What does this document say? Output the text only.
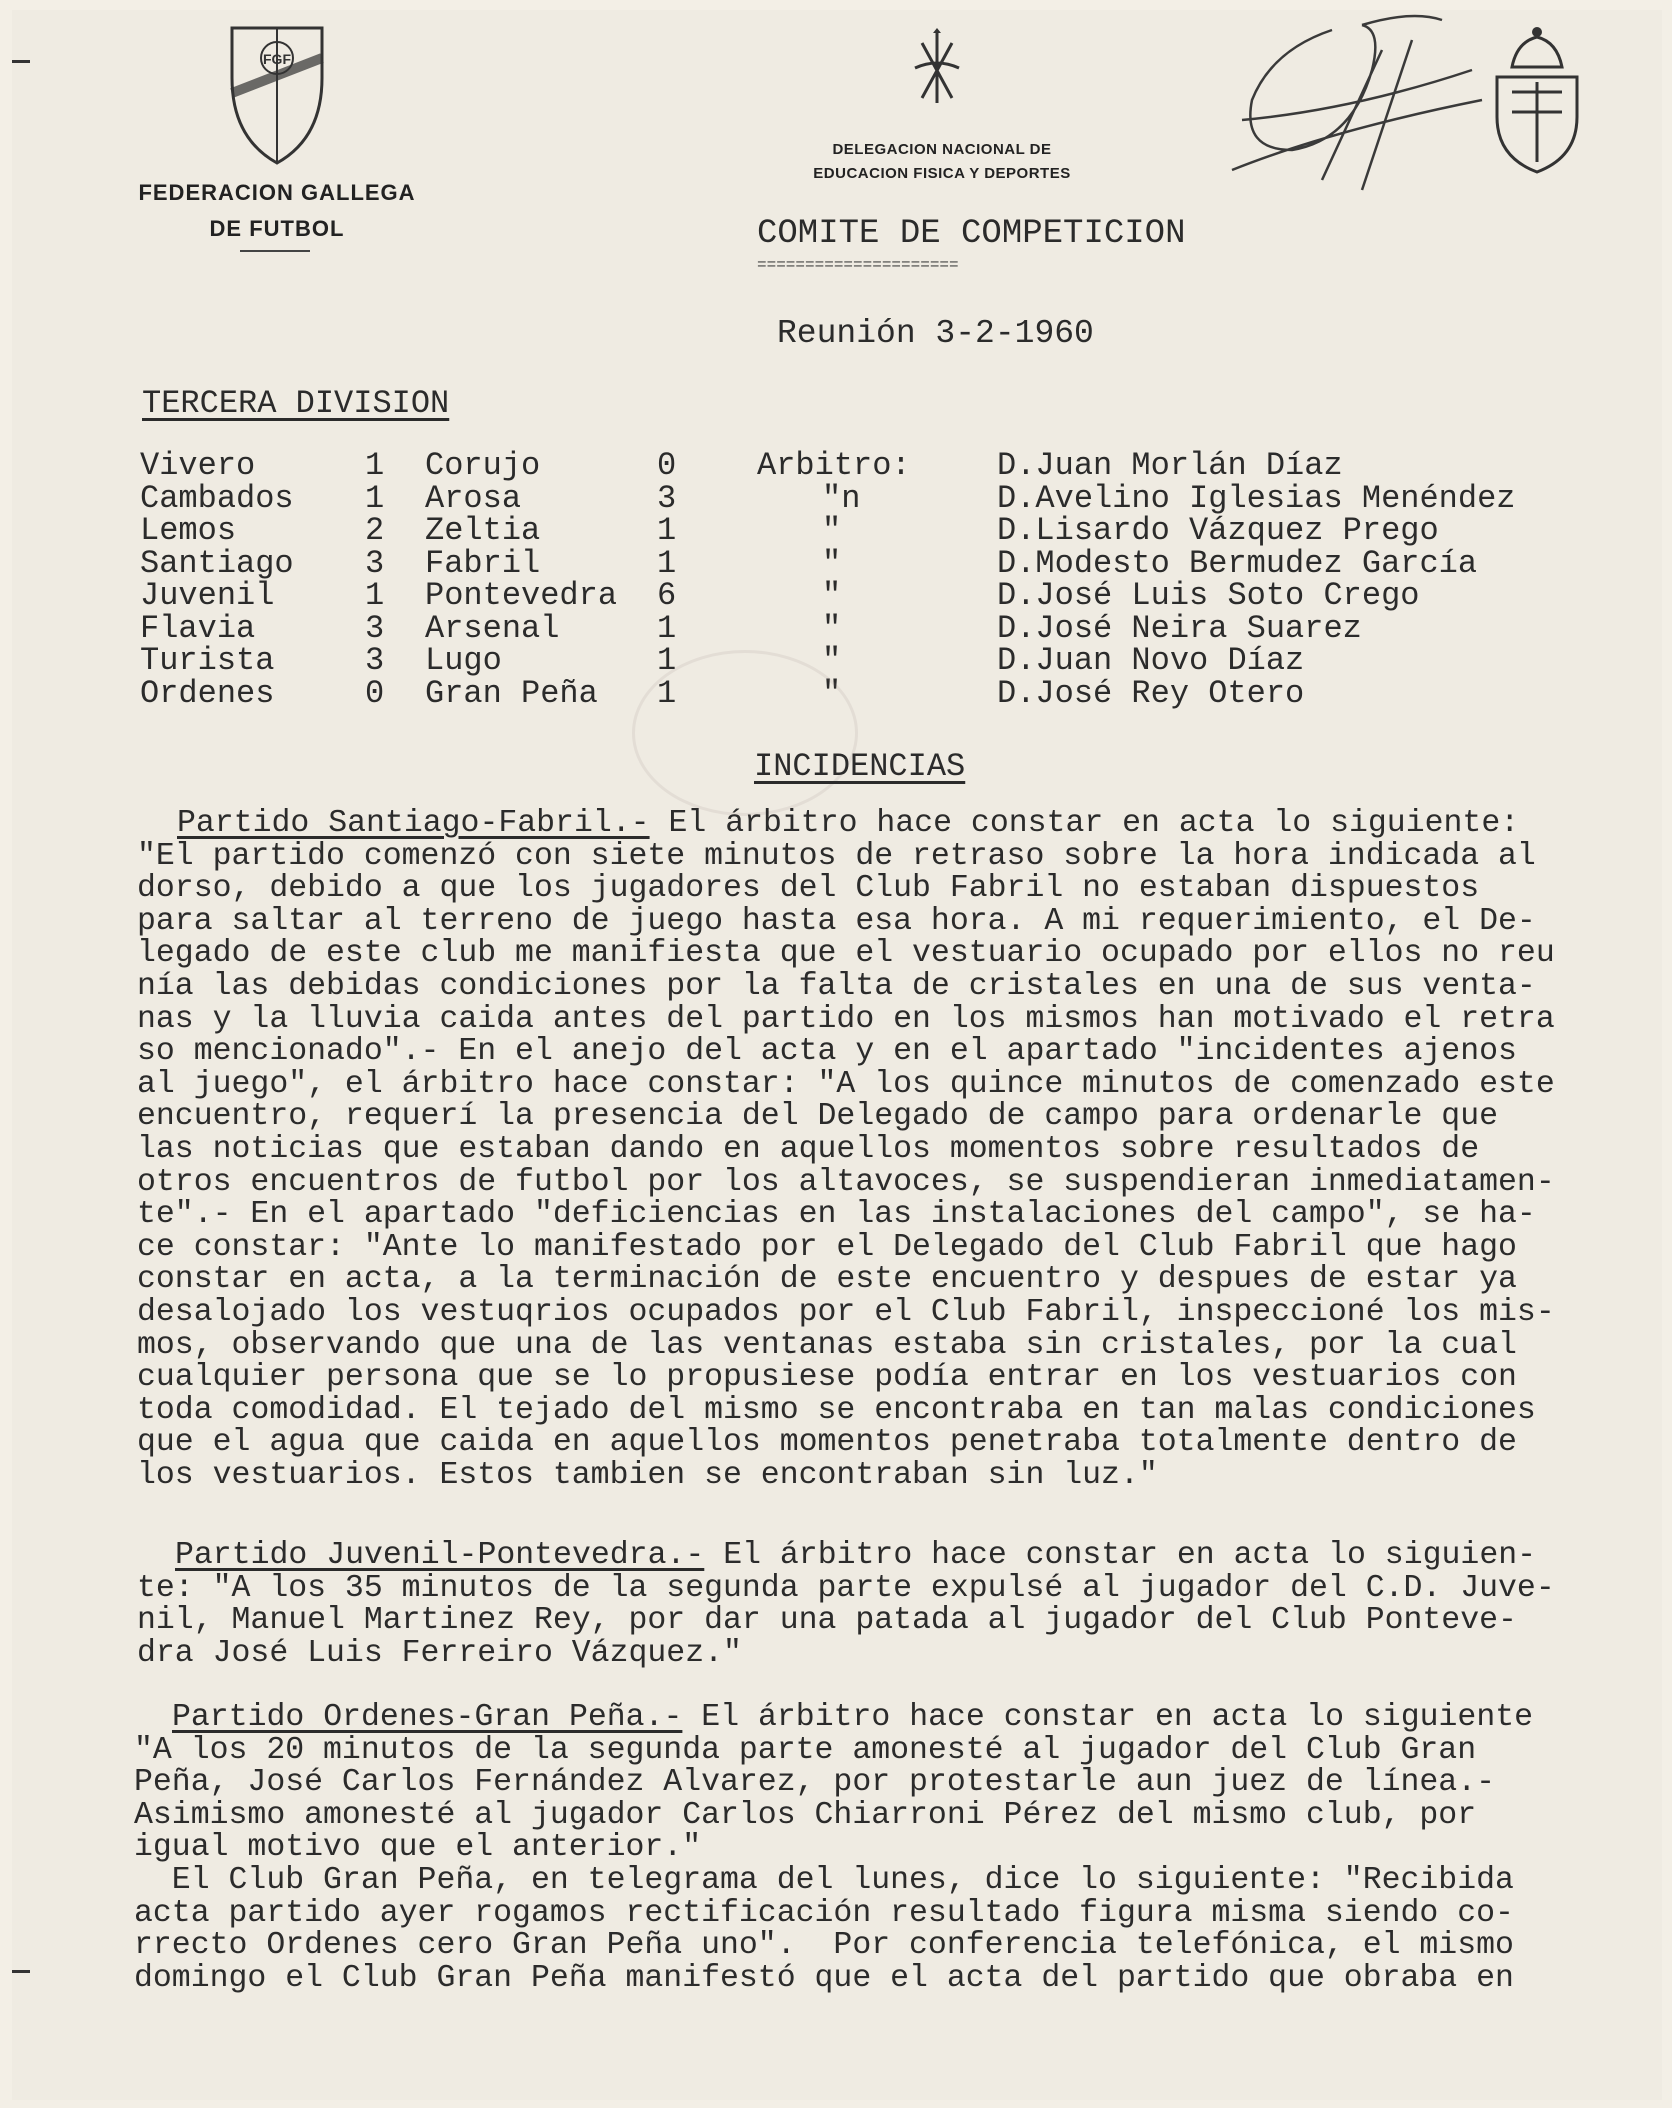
FGF
FEDERACION GALLEGA
DE FUTBOL
DELEGACION NACIONAL DE
EDUCACION FISICA Y DEPORTES
COMITE DE COMPETICION
=====================
Reunión 3-2-1960
TERCERA DIVISION
Vivero	1	Corujo	0	Arbitro:	D.Juan Morlán Díaz
Cambados	1	Arosa	3	"n	D.Avelino Iglesias Menéndez
Lemos	2	Zeltia	1	"	D.Lisardo Vázquez Prego
Santiago	3	Fabril	1	"	D.Modesto Bermudez García
Juvenil	1	Pontevedra	6	"	D.José Luis Soto Crego
Flavia	3	Arsenal	1	"	D.José Neira Suarez
Turista	3	Lugo	1	"	D.Juan Novo Díaz
Ordenes	0	Gran Peña	1	"	D.José Rey Otero
INCIDENCIAS
Partido Santiago-Fabril.- El árbitro hace constar en acta lo siguiente:
"El partido comenzó con siete minutos de retraso sobre la hora indicada al
dorso, debido a que los jugadores del Club Fabril no estaban dispuestos
para saltar al terreno de juego hasta esa hora. A mi requerimiento, el De-
legado de este club me manifiesta que el vestuario ocupado por ellos no reu
nía las debidas condiciones por la falta de cristales en una de sus venta-
nas y la lluvia caida antes del partido en los mismos han motivado el retra
so mencionado".- En el anejo del acta y en el apartado "incidentes ajenos
al juego", el árbitro hace constar: "A los quince minutos de comenzado este
encuentro, requerí la presencia del Delegado de campo para ordenarle que
las noticias que estaban dando en aquellos momentos sobre resultados de
otros encuentros de futbol por los altavoces, se suspendieran inmediatamen-
te".- En el apartado "deficiencias en las instalaciones del campo", se ha-
ce constar: "Ante lo manifestado por el Delegado del Club Fabril que hago
constar en acta, a la terminación de este encuentro y despues de estar ya
desalojado los vestuqrios ocupados por el Club Fabril, inspeccioné los mis-
mos, observando que una de las ventanas estaba sin cristales, por la cual
cualquier persona que se lo propusiese podía entrar en los vestuarios con
toda comodidad. El tejado del mismo se encontraba en tan malas condiciones
que el agua que caida en aquellos momentos penetraba totalmente dentro de
los vestuarios. Estos tambien se encontraban sin luz."
Partido Juvenil-Pontevedra.- El árbitro hace constar en acta lo siguien-
te: "A los 35 minutos de la segunda parte expulsé al jugador del C.D. Juve-
nil, Manuel Martinez Rey, por dar una patada al jugador del Club Ponteve-
dra José Luis Ferreiro Vázquez."
Partido Ordenes-Gran Peña.- El árbitro hace constar en acta lo siguiente
"A los 20 minutos de la segunda parte amonesté al jugador del Club Gran
Peña, José Carlos Fernández Alvarez, por protestarle aun juez de línea.-
Asimismo amonesté al jugador Carlos Chiarroni Pérez del mismo club, por
igual motivo que el anterior."
El Club Gran Peña, en telegrama del lunes, dice lo siguiente: "Recibida
acta partido ayer rogamos rectificación resultado figura misma siendo co-
rrecto Ordenes cero Gran Peña uno".  Por conferencia telefónica, el mismo
domingo el Club Gran Peña manifestó que el acta del partido que obraba en
